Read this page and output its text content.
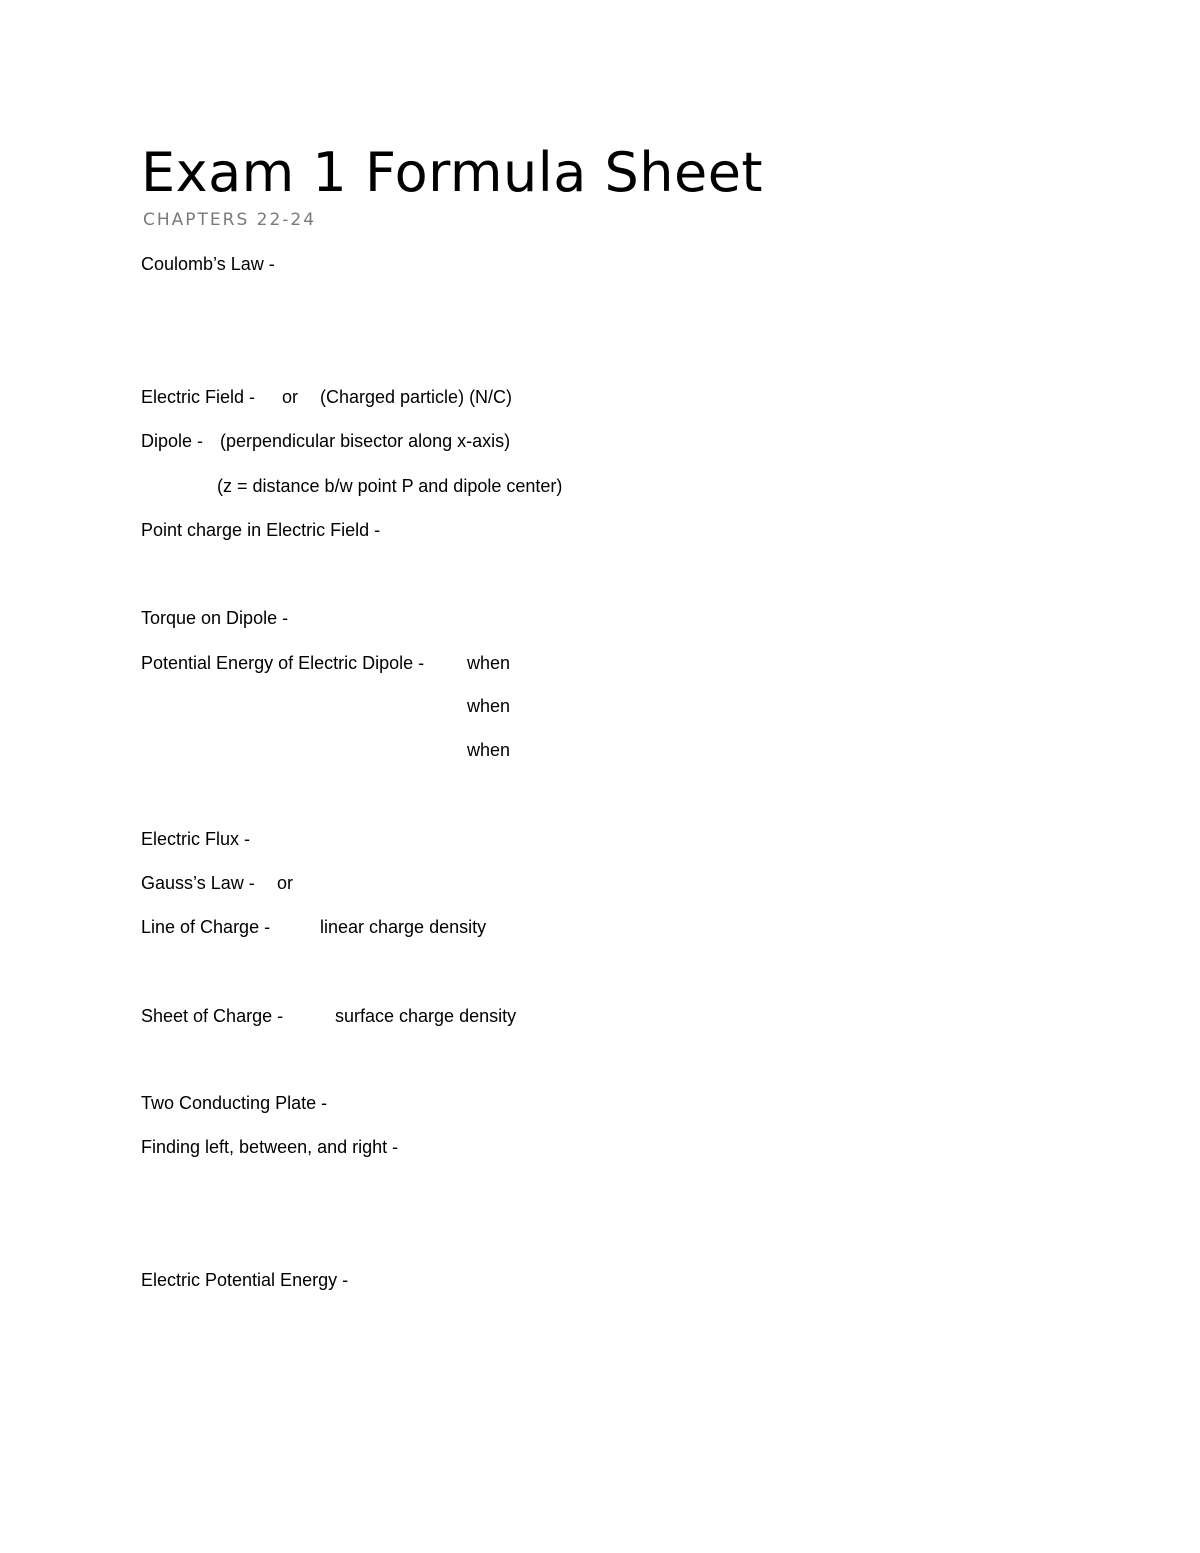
Exam 1 Formula Sheet
CHAPTERS 22-24
Coulomb’s Law -
Electric Field - or (Charged particle) (N/C)
Dipole - (perpendicular bisector along x-axis)
(z = distance b/w point P and dipole center)
Point charge in Electric Field -
Torque on Dipole -
Potential Energy of Electric Dipole - when
when
when
Electric Flux -
Gauss’s Law - or
Line of Charge -	linear charge density
Sheet of Charge -	surface charge density
Two Conducting Plate -
Finding left, between, and right -
Electric Potential Energy -
